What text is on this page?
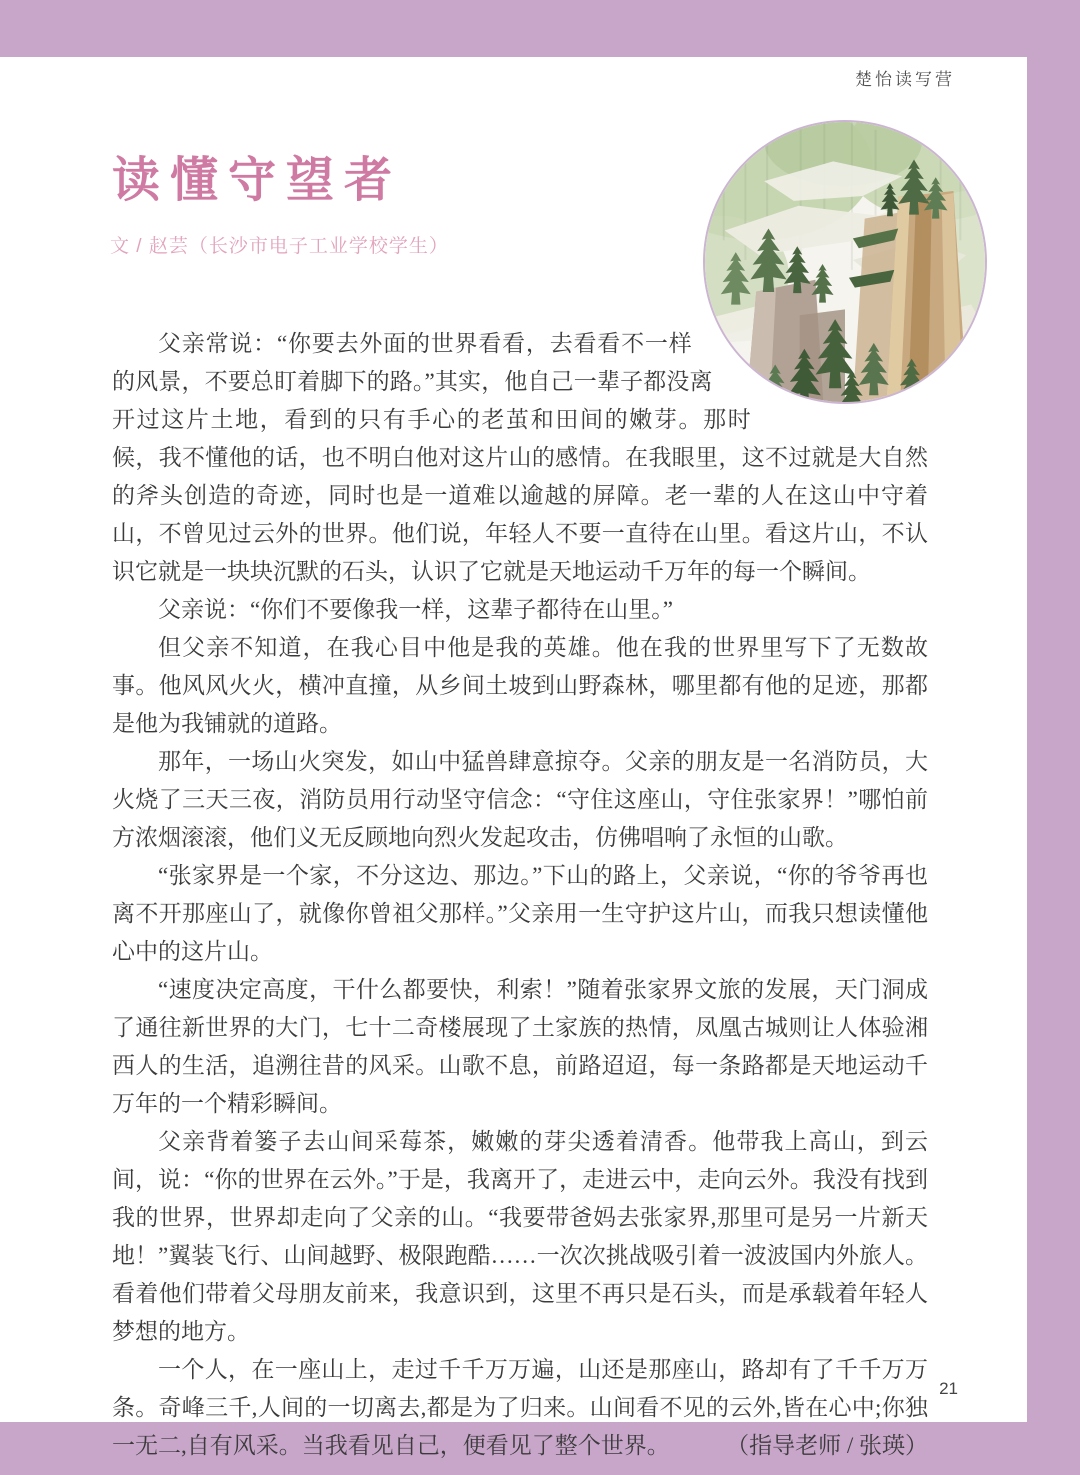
楚怡读写营
读懂守望者
文 / 赵芸（长沙市电子工业学校学生）

父亲常说：“你要去外面的世界看看，去看看不一样的风景，不要总盯着脚下的路。”其实，他自己一辈子都没离开过这片土地，看到的只有手心的老茧和田间的嫩芽。那时候，我不懂他的话，也不明白他对这片山的感情。在我眼里，这不过就是大自然的斧头创造的奇迹，同时也是一道难以逾越的屏障。老一辈的人在这山中守着山，不曾见过云外的世界。他们说，年轻人不要一直待在山里。看这片山，不认识它就是一块块沉默的石头，认识了它就是天地运动千万年的每一个瞬间。

父亲说：“你们不要像我一样，这辈子都待在山里。”

但父亲不知道，在我心目中他是我的英雄。他在我的世界里写下了无数故事。他风风火火，横冲直撞，从乡间土坡到山野森林，哪里都有他的足迹，那都是他为我铺就的道路。

那年，一场山火突发，如山中猛兽肆意掠夺。父亲的朋友是一名消防员，大火烧了三天三夜，消防员用行动坚守信念：“守住这座山，守住张家界！”哪怕前方浓烟滚滚，他们义无反顾地向烈火发起攻击，仿佛唱响了永恒的山歌。

“张家界是一个家，不分这边、那边。”下山的路上，父亲说，“你的爷爷再也离不开那座山了，就像你曾祖父那样。”父亲用一生守护这片山，而我只想读懂他心中的这片山。

“速度决定高度，干什么都要快，利索！”随着张家界文旅的发展，天门洞成了通往新世界的大门，七十二奇楼展现了土家族的热情，凤凰古城则让人体验湘西人的生活，追溯往昔的风采。山歌不息，前路迢迢，每一条路都是天地运动千万年的一个精彩瞬间。

父亲背着篓子去山间采莓茶，嫩嫩的芽尖透着清香。他带我上高山，到云间，说：“你的世界在云外。”于是，我离开了，走进云中，走向云外。我没有找到我的世界，世界却走向了父亲的山。“我要带爸妈去张家界,那里可是另一片新天地！”翼装飞行、山间越野、极限跑酷……一次次挑战吸引着一波波国内外旅人。看着他们带着父母朋友前来，我意识到，这里不再只是石头，而是承载着年轻人梦想的地方。

一个人，在一座山上，走过千千万万遍，山还是那座山，路却有了千千万万条。奇峰三千,人间的一切离去,都是为了归来。山间看不见的云外,皆在心中;你独一无二,自有风采。当我看见自己，便看见了整个世界。 （指导老师 / 张瑛）

21
